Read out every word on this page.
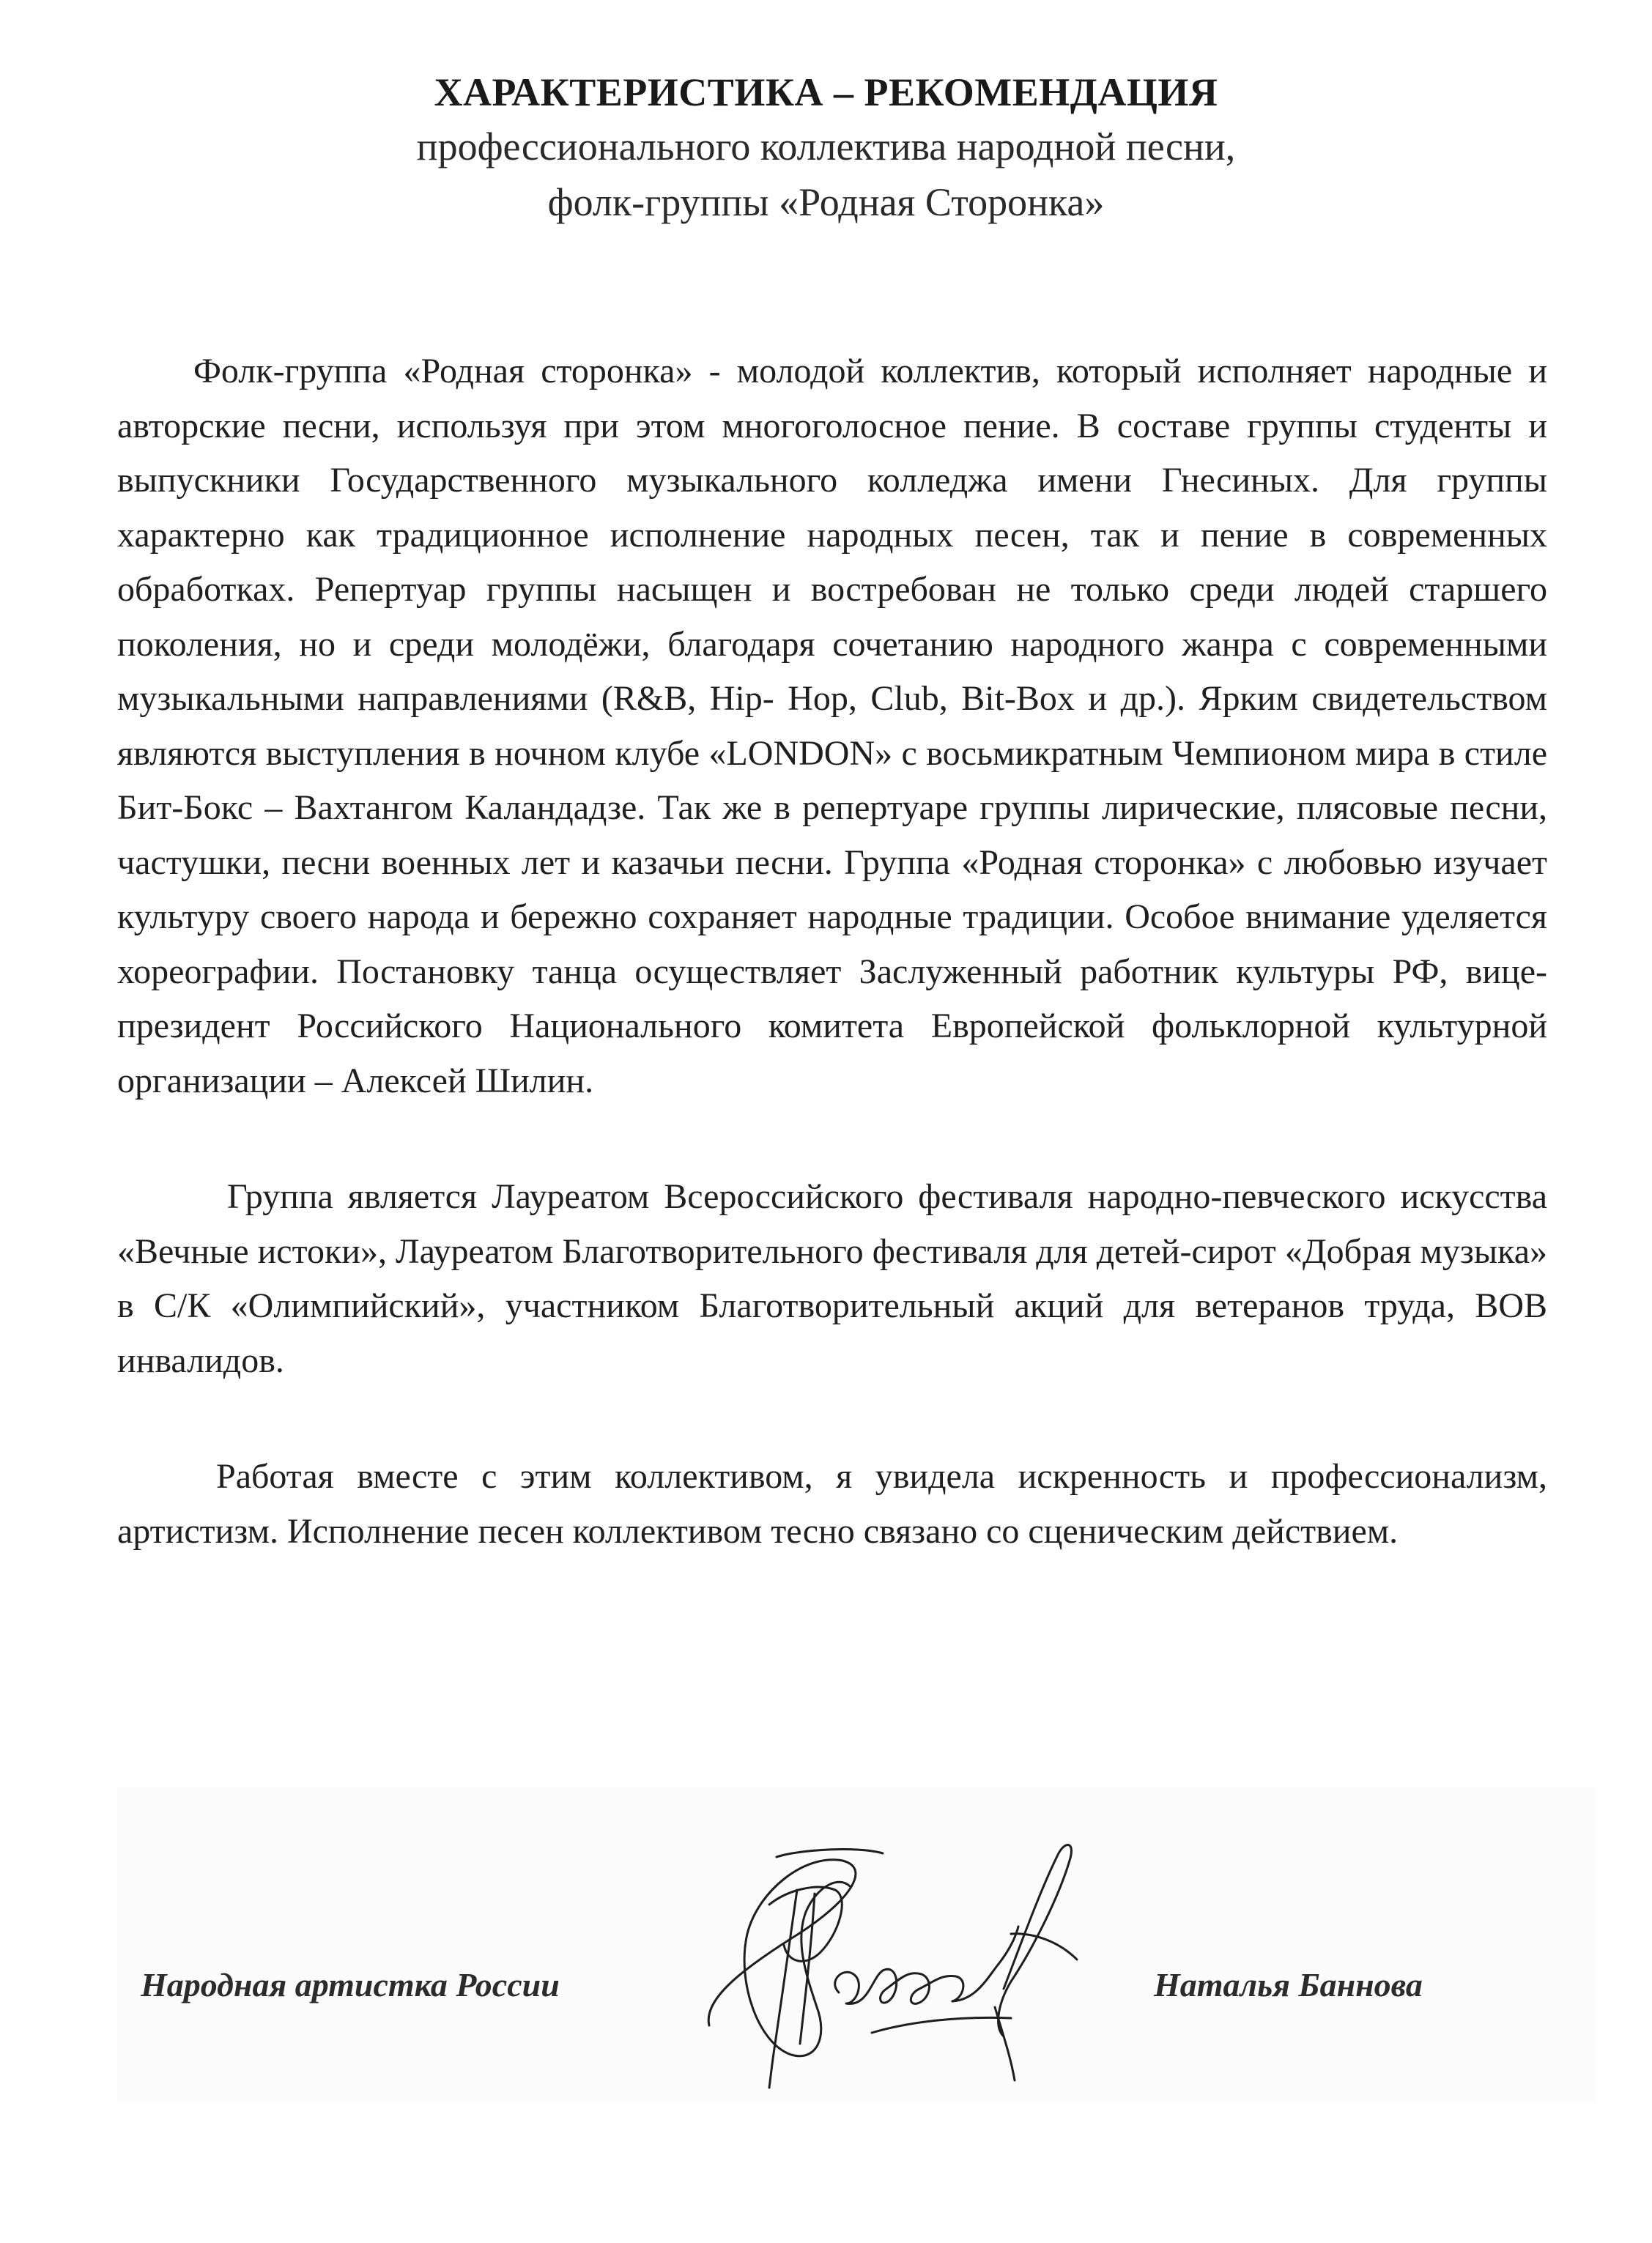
ХАРАКТЕРИСТИКА – РЕКОМЕНДАЦИЯ

профессионального коллектива народной песни,

фолк-группы «Родная Сторонка»

Фолк-группа «Родная сторонка» - молодой коллектив, который исполняет народные и авторские песни, используя при этом многоголосное пение. В составе группы студенты и выпускники Государственного музыкального колледжа имени Гнесиных. Для группы характерно как традиционное исполнение народных песен, так и пение в современных обработках. Репертуар группы насыщен и востребован не только среди людей старшего поколения, но и среди молодёжи, благодаря сочетанию народного жанра с современными музыкальными направлениями (R&B, Hip- Hop, Club, Bit-Box и др.). Ярким свидетельством являются выступления в ночном клубе «LONDON» с восьмикратным Чемпионом мира в стиле Бит-Бокс – Вахтангом Каландадзе. Так же в репертуаре группы лирические, плясовые песни, частушки, песни военных лет и казачьи песни. Группа «Родная сторонка» с любовью изучает культуру своего народа и бережно сохраняет народные традиции. Особое внимание уделяется хореографии. Постановку танца осуществляет Заслуженный работник культуры РФ, вице-президент Российского Национального комитета Европейской фольклорной культурной организации – Алексей Шилин.

Группа является Лауреатом Всероссийского фестиваля народно-певческого искусства «Вечные истоки», Лауреатом Благотворительного фестиваля для детей-сирот «Добрая музыка» в С/К «Олимпийский», участником Благотворительный акций для ветеранов труда, ВОВ инвалидов.

Работая вместе с этим коллективом, я увидела искренность и профессионализм, артистизм. Исполнение песен коллективом тесно связано со сценическим действием.

Народная артистка России	Наталья Баннова
